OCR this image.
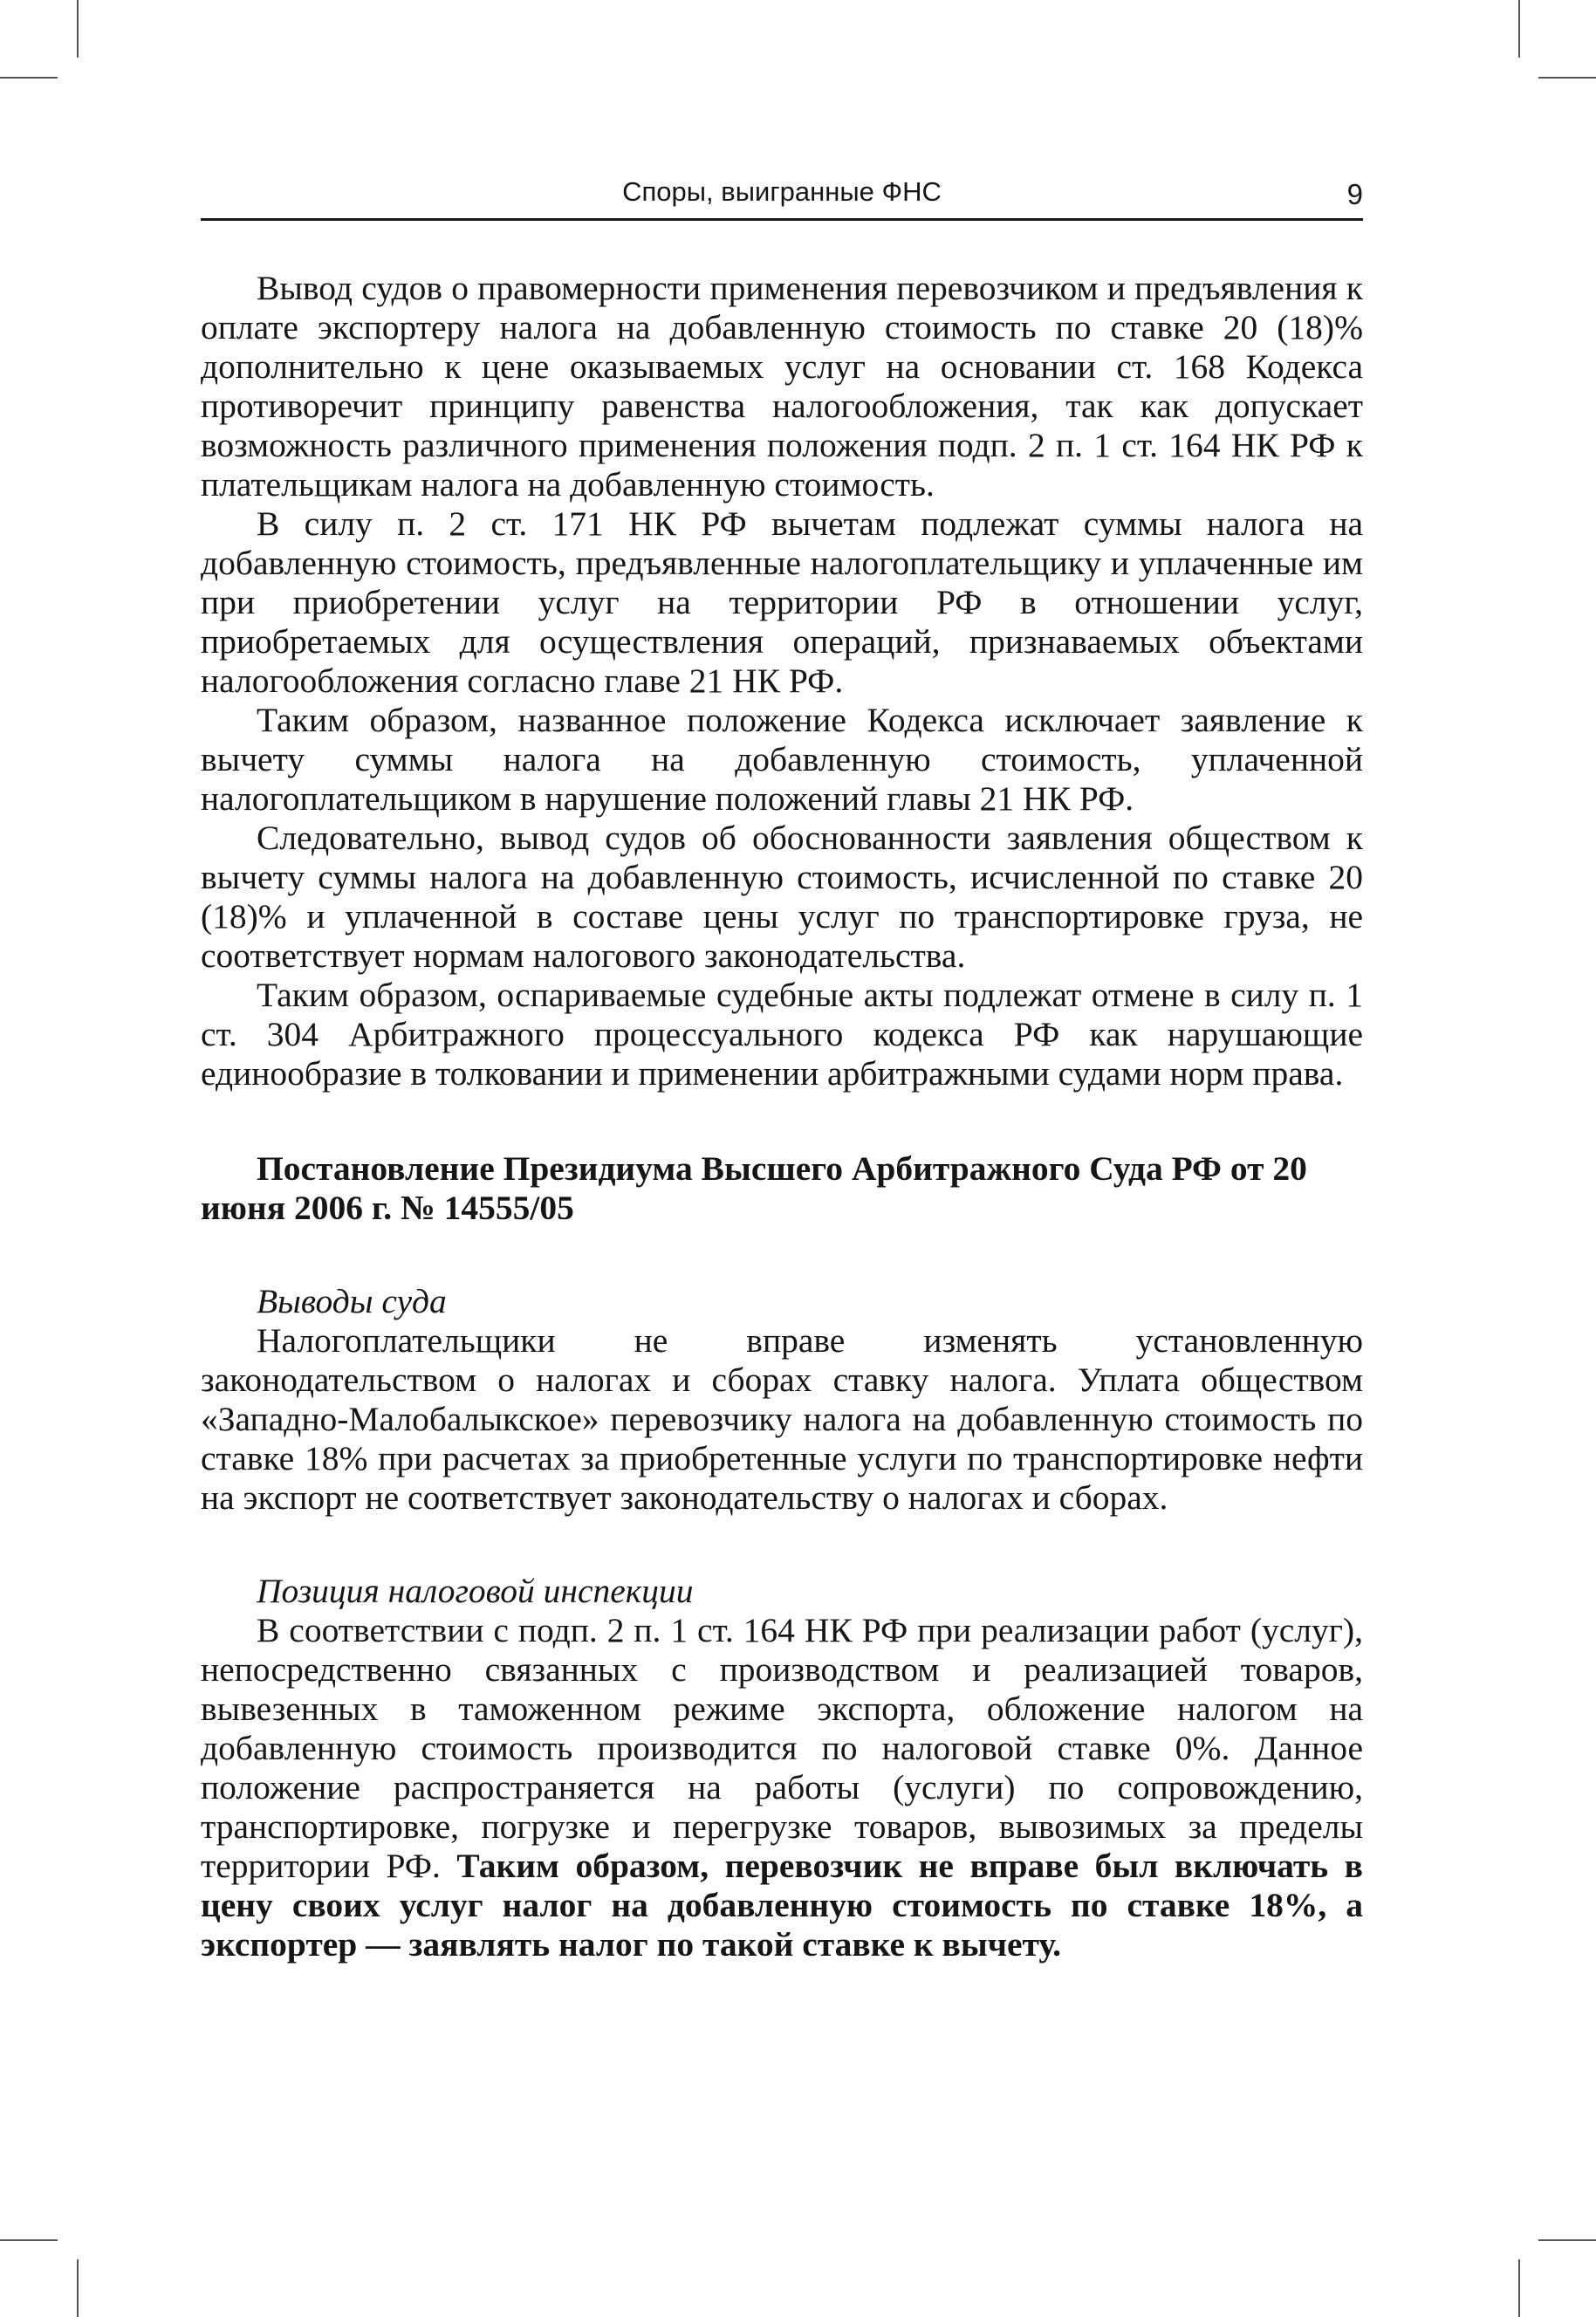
Споры, выигранные ФНС	9

Вывод судов о правомерности применения перевозчиком и предъявления к оплате экспортеру налога на добавленную стоимость по ставке 20 (18)% дополнительно к цене оказываемых услуг на основании ст. 168 Кодекса противоречит принципу равенства налогообложения, так как допускает возможность различного применения положения подп. 2 п. 1 ст. 164 НК РФ к плательщикам налога на добавленную стоимость.

В силу п. 2 ст. 171 НК РФ вычетам подлежат суммы налога на добавленную стоимость, предъявленные налогоплательщику и уплаченные им при приобретении услуг на территории РФ в отношении услуг, приобретаемых для осуществления операций, признаваемых объектами налогообложения согласно главе 21 НК РФ.

Таким образом, названное положение Кодекса исключает заявление к вычету суммы налога на добавленную стоимость, уплаченной налогоплательщиком в нарушение положений главы 21 НК РФ.

Следовательно, вывод судов об обоснованности заявления обществом к вычету суммы налога на добавленную стоимость, исчисленной по ставке 20 (18)% и уплаченной в составе цены услуг по транспортировке груза, не соответствует нормам налогового законодательства.

Таким образом, оспариваемые судебные акты подлежат отмене в силу п. 1 ст. 304 Арбитражного процессуального кодекса РФ как нарушающие единообразие в толковании и применении арбитражными судами норм права.

Постановление Президиума Высшего Арбитражного Суда РФ от 20 июня 2006 г. № 14555/05

Выводы суда

Налогоплательщики не вправе изменять установленную законодательством о налогах и сборах ставку налога. Уплата обществом «Западно-Малобалыкское» перевозчику налога на добавленную стоимость по ставке 18% при расчетах за приобретенные услуги по транспортировке нефти на экспорт не соответствует законодательству о налогах и сборах.

Позиция налоговой инспекции

В соответствии с подп. 2 п. 1 ст. 164 НК РФ при реализации работ (услуг), непосредственно связанных с производством и реализацией товаров, вывезенных в таможенном режиме экспорта, обложение налогом на добавленную стоимость производится по налоговой ставке 0%. Данное положение распространяется на работы (услуги) по сопровождению, транспортировке, погрузке и перегрузке товаров, вывозимых за пределы территории РФ. Таким образом, перевозчик не вправе был включать в цену своих услуг налог на добавленную стоимость по ставке 18%, а экспортер — заявлять налог по такой ставке к вычету.
